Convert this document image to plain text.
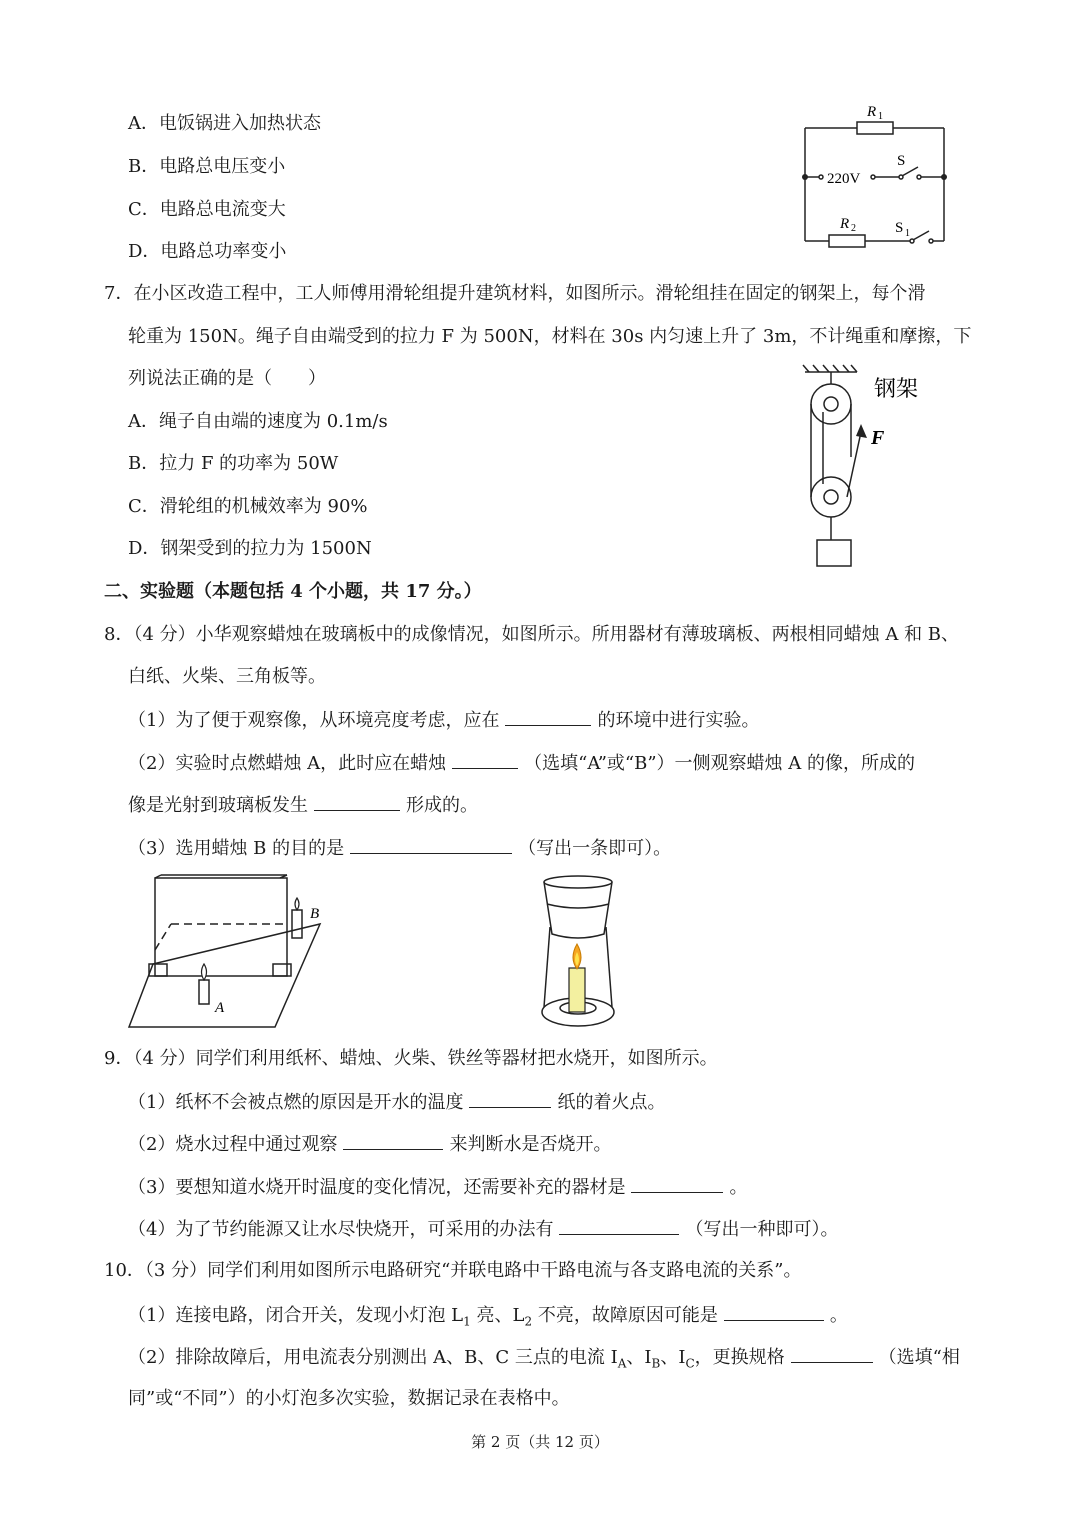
A．电饭锅进入加热状态
B．电路总电压变小
C．电路总电流变大
D．电路总功率变小
R 1
220V
S
R 2	S 1
7．在小区改造工程中，工人师傅用滑轮组提升建筑材料，如图所示。滑轮组挂在固定的钢架上，每个滑
轮重为 150N。绳子自由端受到的拉力 F 为 500N，材料在 30s 内匀速上升了 3m，不计绳重和摩擦，下
列说法正确的是（　　）
A．绳子自由端的速度为 0.1m/s
B．拉力 F 的功率为 50W
C．滑轮组的机械效率为 90%
D．钢架受到的拉力为 1500N
钢架
F
二、实验题（本题包括 4 个小题，共 17 分。）
8．（4 分）小华观察蜡烛在玻璃板中的成像情况，如图所示。所用器材有薄玻璃板、两根相同蜡烛 A 和 B、
白纸、火柴、三角板等。
（1）为了便于观察像，从环境亮度考虑，应在	的环境中进行实验。
（2）实验时点燃蜡烛 A，此时应在蜡烛	（选填“A”或“B”）一侧观察蜡烛 A 的像，所成的
像是光射到玻璃板发生	形成的。
（3）选用蜡烛 B 的目的是	（写出一条即可）。
A
B
9．（4 分）同学们利用纸杯、蜡烛、火柴、铁丝等器材把水烧开，如图所示。
（1）纸杯不会被点燃的原因是开水的温度	纸的着火点。
（2）烧水过程中通过观察	来判断水是否烧开。
（3）要想知道水烧开时温度的变化情况，还需要补充的器材是	。
（4）为了节约能源又让水尽快烧开，可采用的办法有	（写出一种即可）。
10．（3 分）同学们利用如图所示电路研究“并联电路中干路电流与各支路电流的关系”。
（1）连接电路，闭合开关，发现小灯泡 $L_1$ 亮、$L_2$ 不亮，故障原因可能是	。
（2）排除故障后，用电流表分别测出 A、B、C 三点的电流 $I_A$、$I_B$、$I_C$，更换规格	（选填“相
同”或“不同”）的小灯泡多次实验，数据记录在表格中。
第 2 页（共 12 页）
